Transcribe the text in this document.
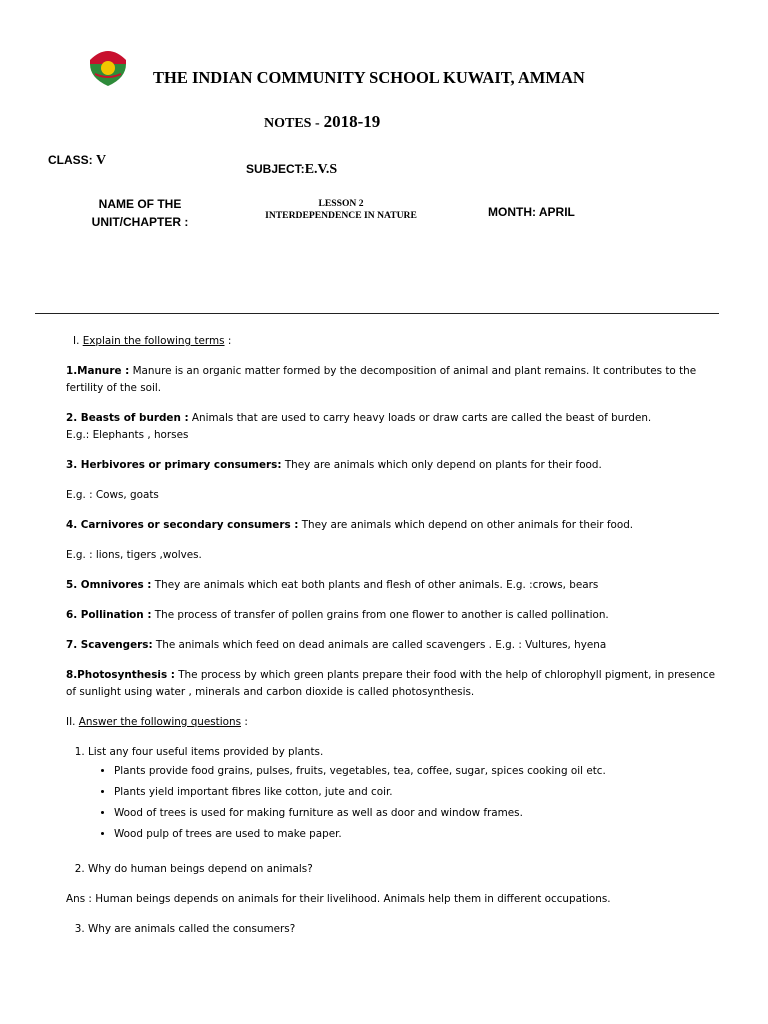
THE INDIAN COMMUNITY SCHOOL KUWAIT, AMMAN
NOTES - 2018-19
CLASS: V
SUBJECT:E.V.S
NAME OF THE
UNIT/CHAPTER :
LESSON 2
INTERDEPENDENCE IN NATURE	MONTH: APRIL

I. Explain the following terms :

1.Manure : Manure is an organic matter formed by the decomposition of animal and plant remains. It contributes to the fertility of the soil.

2. Beasts of burden : Animals that are used to carry heavy loads or draw carts are called the beast of burden.
E.g.: Elephants , horses

3. Herbivores or primary consumers: They are animals which only depend on plants for their food.

E.g. : Cows, goats

4. Carnivores or secondary consumers : They are animals which depend on other animals for their food.

E.g. : lions, tigers ,wolves.

5. Omnivores : They are animals which eat both plants and flesh of other animals. E.g. :crows, bears

6. Pollination : The process of transfer of pollen grains from one flower to another is called pollination.

7. Scavengers: The animals which feed on dead animals are called scavengers . E.g. : Vultures, hyena

8.Photosynthesis : The process by which green plants prepare their food with the help of chlorophyll pigment, in presence of sunlight using water , minerals and carbon dioxide is called photosynthesis.

II. Answer the following questions :

1. List any four useful items provided by plants.
• Plants provide food grains, pulses, fruits, vegetables, tea, coffee, sugar, spices cooking oil etc.
• Plants yield important fibres like cotton, jute and coir.
• Wood of trees is used for making furniture as well as door and window frames.
• Wood pulp of trees are used to make paper.
2. Why do human beings depend on animals?

Ans : Human beings depends on animals for their livelihood. Animals help them in different occupations.

3. Why are animals called the consumers?
